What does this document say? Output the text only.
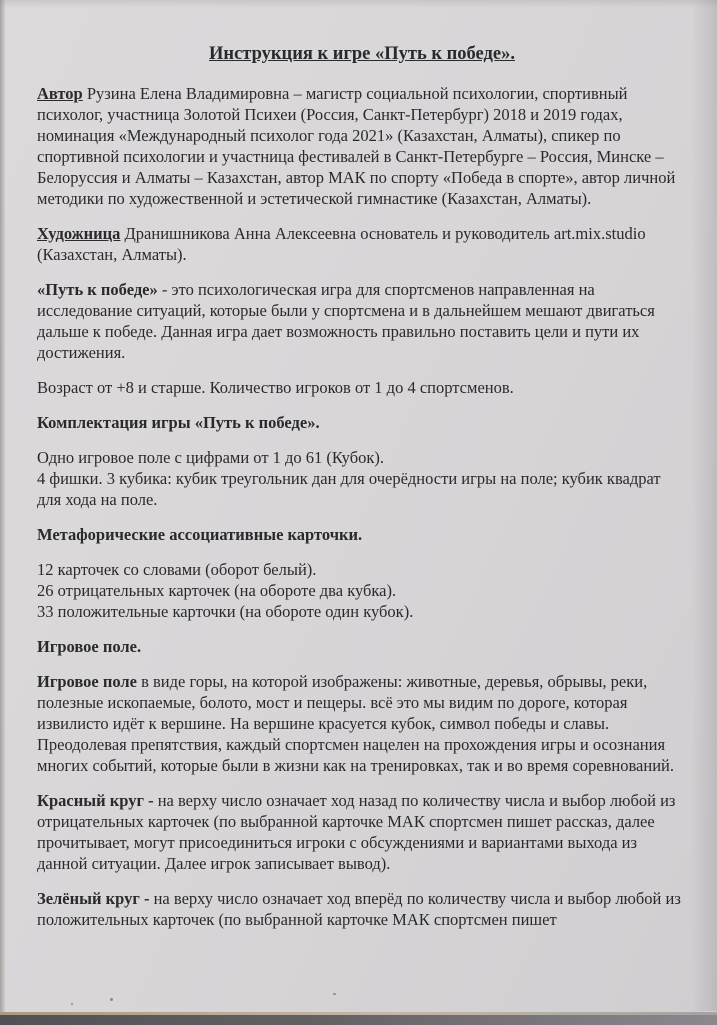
Инструкция к игре «Путь к победе».

Автор Рузина Елена Владимировна – магистр социальной психологии, спортивный психолог, участница Золотой Психеи (Россия, Санкт-Петербург) 2018 и 2019 годах, номинация «Международный психолог года 2021» (Казахстан, Алматы), спикер по спортивной психологии и участница фестивалей в Санкт-Петербурге – Россия, Минске – Белоруссия и Алматы – Казахстан, автор МАК по спорту «Победа в спорте», автор личной методики по художественной и эстетической гимнастике (Казахстан, Алматы).

Художница Дранишникова Анна Алексеевна основатель и руководитель art.mix.studio (Казахстан, Алматы).

«Путь к победе» - это психологическая игра для спортсменов направленная на исследование ситуаций, которые были у спортсмена и в дальнейшем мешают двигаться дальше к победе. Данная игра дает возможность правильно поставить цели и пути их достижения.

Возраст от +8 и старше. Количество игроков от 1 до 4 спортсменов.

Комплектация игры «Путь к победе».

Одно игровое поле с цифрами от 1 до 61 (Кубок).
4 фишки. 3 кубика: кубик треугольник дан для очерёдности игры на поле; кубик квадрат для хода на поле.

Метафорические ассоциативные карточки.

12 карточек со словами (оборот белый).
26 отрицательных карточек (на обороте два кубка).
33 положительные карточки (на обороте один кубок).

Игровое поле.

Игровое поле в виде горы, на которой изображены: животные, деревья, обрывы, реки, полезные ископаемые, болото, мост и пещеры. всё это мы видим по дороге, которая извилисто идёт к вершине. На вершине красуется кубок, символ победы и славы. Преодолевая препятствия, каждый спортсмен нацелен на прохождения игры и осознания многих событий, которые были в жизни как на тренировках, так и во время соревнований.

Красный круг - на верху число означает ход назад по количеству числа и выбор любой из отрицательных карточек (по выбранной карточке МАК спортсмен пишет рассказ, далее прочитывает, могут присоединиться игроки с обсуждениями и вариантами выхода из данной ситуации. Далее игрок записывает вывод).

Зелёный круг - на верху число означает ход вперёд по количеству числа и выбор любой из положительных карточек (по выбранной карточке МАК спортсмен пишет
